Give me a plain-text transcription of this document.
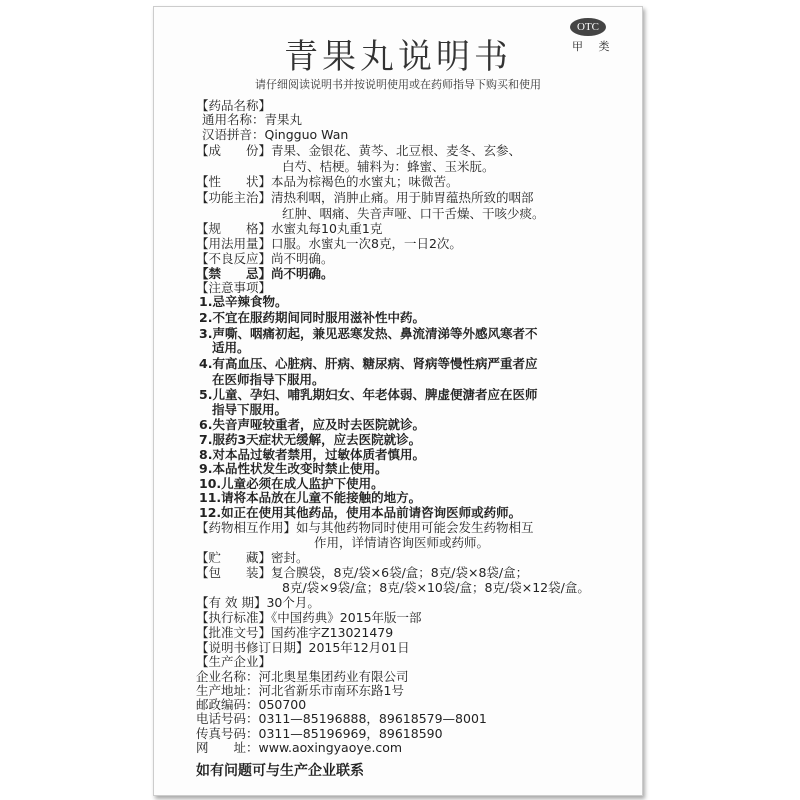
青果丸说明书
OTC
甲 类
请仔细阅读说明书并按说明使用或在药师指导下购买和使用
【药品名称】
通用名称：青果丸
汉语拼音：Qingguo Wan
【成　　份】青果、金银花、黄芩、北豆根、麦冬、玄参、
白芍、桔梗。辅料为：蜂蜜、玉米朊。
【性　　状】本品为棕褐色的水蜜丸；味微苦。
【功能主治】清热利咽，消肿止痛。用于肺胃蕴热所致的咽部
红肿、咽痛、失音声哑、口干舌燥、干咳少痰。
【规　　格】水蜜丸每10丸重1克
【用法用量】口服。水蜜丸一次8克，一日2次。
【不良反应】尚不明确。
【禁　　忌】尚不明确。
【注意事项】
1.忌辛辣食物。
2.不宜在服药期间同时服用滋补性中药。
3.声嘶、咽痛初起，兼见恶寒发热、鼻流清涕等外感风寒者不
适用。
4.有高血压、心脏病、肝病、糖尿病、肾病等慢性病严重者应
在医师指导下服用。
5.儿童、孕妇、哺乳期妇女、年老体弱、脾虚便溏者应在医师
指导下服用。
6.失音声哑较重者，应及时去医院就诊。
7.服药3天症状无缓解，应去医院就诊。
8.对本品过敏者禁用，过敏体质者慎用。
9.本品性状发生改变时禁止使用。
10.儿童必须在成人监护下使用。
11.请将本品放在儿童不能接触的地方。
12.如正在使用其他药品，使用本品前请咨询医师或药师。
【药物相互作用】如与其他药物同时使用可能会发生药物相互
作用，详情请咨询医师或药师。
【贮　　藏】密封。
【包　　装】复合膜袋，8克/袋×6袋/盒；8克/袋×8袋/盒；
8克/袋×9袋/盒；8克/袋×10袋/盒；8克/袋×12袋/盒。
【有 效 期】30个月。
【执行标准】《中国药典》2015年版一部
【批准文号】国药准字Z13021479
【说明书修订日期】2015年12月01日
【生产企业】
企业名称：河北奥星集团药业有限公司
生产地址：河北省新乐市南环东路1号
邮政编码：050700
电话号码：0311—85196888，89618579—8001
传真号码：0311—85196969，89618590
网　　址：www.aoxingyaoye.com
如有问题可与生产企业联系
